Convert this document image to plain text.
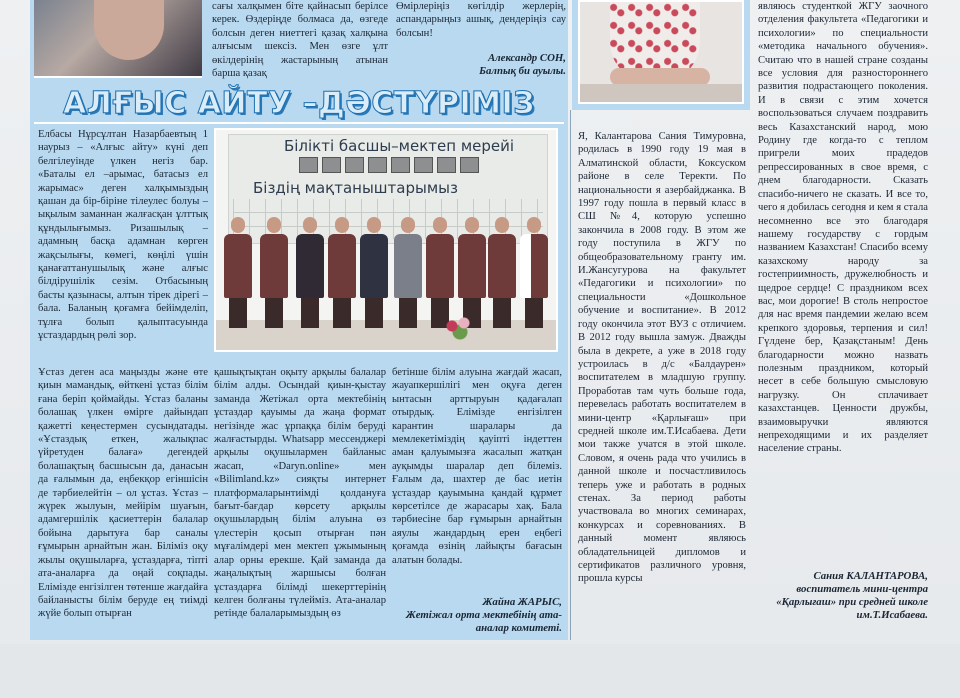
сағы халқымен біте қайнасып берілсе керек. Өздеріңде болмаса да, өзгеде болсын деген ниеттегі қазақ халқына алғысым шексіз. Мен өзге ұлт өкілдерінің жастарының атынан барша қазақ
Өмірлеріңіз көгілдір жерлерің, аспандарыңыз ашық, дендеріңіз сау болсын!
Александр СОН,
Балпық би ауылы.
АЛҒЫС АЙТУ –ДӘСТҮРІМІЗ
Елбасы Нұрсұлтан Назарбаевтың 1 наурыз – «Алғыс айту» күні деп белгілеуінде үлкен негіз бар. «Баталы ел –арымас, батасыз ел жарымас» деген халқымыздың қашан да бір-біріне тілеулес болуы – ықылым заманнан жалғасқан ұлттық құндылығымыз. Ризашылық – адамның басқа адамнан көрген жақсылығы, көмегі, көңілі үшін қанағаттанушылық және алғыс білдірушілік сезім. Отбасының басты қазынасы, алтын тірек дірегі – бала. Баланың қоғамға бейімделіп, тұлға болып қалыптасуында ұстаздардың рөлі зор.
Білікті басшы–мектеп мерейі
Біздің мақтаныштарымыз
Ұстаз деген аса маңызды және өте қиын мамандық, өйткені ұстаз білім ғана беріп қоймайды. Ұстаз баланы болашақ үлкен өмірге дайындап қажетті кеңестермен сусындатады. «Ұстаздық еткен, жалықпас үйретуден балаға» дегендей болашақтың басшысын да, данасын да ғалымын да, еңбекқор егіншісін де тәрбиелейтін – ол ұстаз. Ұстаз – жүрек жылуын, мейірім шуағын, адамгершілік қасиеттерін балалар бойына дарытуға бар саналы ғұмырын арнайтын жан. Біліміз оқу жылы оқушыларға, ұстаздарға, тіпті ата-аналарға да оңай соқпады. Елімізде енгізілген төтенше жағдайға байланысты білім беруде ең тиімді жүйе болып отырған
қашықтықтан оқыту арқылы балалар білім алды. Осындай қиын-қыстау заманда Жетіжал орта мектебінің ұстаздар қауымы да жаңа формат негізінде жас ұрпаққа білім беруді жалғастырды. Whatsapp мессенджері арқылы оқушылармен байланыс жасап, «Daryn.online» мен «Bilimland.kz» сияқты интернет платформаларынтиімді қолдануға бағыт-бағдар көрсету арқылы оқушылардың білім алуына өз үлестерін қосып отырған пән мұғалімдері мен мектеп ұжымының алар орны ерекше. Қай заманда да жаңалықтың жаршысы болған ұстаздарға білімді шекерттерінің келген болғаны түлейміз. Ата-аналар ретінде балаларымыздың өз
бетінше білім алуына жағдай жасап, жауапкершілігі мен оқуға деген ынтасын арттыруын қадағалап отырдық. Елімізде енгізілген карантин шаралары да мемлекетіміздің қауіпті індеттен аман қалуымызға жасалып жатқан ауқымды шаралар деп білеміз. Ғалым да, шахтер де бас иетін ұстаздар қауымына қандай құрмет көрсетілсе де жарасары хақ. Бала тәрбиесіне бар ғұмырын арнайтын аяулы жандардың ерен еңбегі қоғамда өзінің лайықты бағасын алатын болады.
Жайна ЖАРЫС,
Жетіжал орта мектебінің ата-аналар комитеті.
Я, Калантарова Сания Тимуровна, родилась в 1990 году 19 мая в Алматинской области, Коксуском районе в селе Теректи. По национальности я азербайджанка. В 1997 году пошла в первый класс в СШ №4, которую успешно закончила в 2008 году. В этом же году поступила в ЖГУ по общеобразовательному гранту им. И.Жансугурова на факультет «Педагогики и психологии» по специальности «Дошкольное обучение и воспитание». В 2012 году окончила этот ВУЗ с отличием. В 2012 году вышла замуж. Дважды была в декрете, а уже в 2018 году устроилась в д/с «Балдаурен» воспитателем в младшую группу. Проработав там чуть больше года, перевелась работать воспитателем в мини-центр «Қарлығаш» при средней школе им.Т.Исабаева. Дети мои также учатся в этой школе. Словом, я очень рада что учились в данной школе и посчастливилось теперь уже и работать в родных стенах. За период работы участвовала во многих семинарах, конкурсах и соревнованиях. В данный момент являюсь обладательницей дипломов и сертификатов различного уровня, прошла курсы
являюсь студенткой ЖГУ заочного отделения факультета «Педагогики и психологии» по специальности «методика начального обучения». Считаю что в нашей стране созданы все условия для разностороннего развития подрастающего поколения. И в связи с этим хочется воспользоваться случаем поздравить весь Казахстанский народ, мою Родину где когда-то с теплом пригрели моих прадедов репрессированных в свое время, с днем благодарности. Сказать спасибо-ничего не сказать. И все то, чего я добилась сегодня и кем я стала несомненно все это благодаря нашему государству с гордым названием Казахстан! Спасибо всему казахскому народу за гостеприимность, дружелюбность и щедрое сердце! С праздником всех вас, мои дорогие! В столь непростое для нас время пандемии желаю всем крепкого здоровья, терпения и сил! Гүлдене бер, Қазақстаным! День благодарности можно назвать полезным праздником, который несет в себе большую смысловую нагрузку. Он сплачивает казахстанцев. Ценности дружбы, взаимовыручки являются непреходящими и их разделяет население страны.
Сания КАЛАНТАРОВА,
воспитатель мини-центра «Қарлығаш» при средней школе им.Т.Исабаева.
